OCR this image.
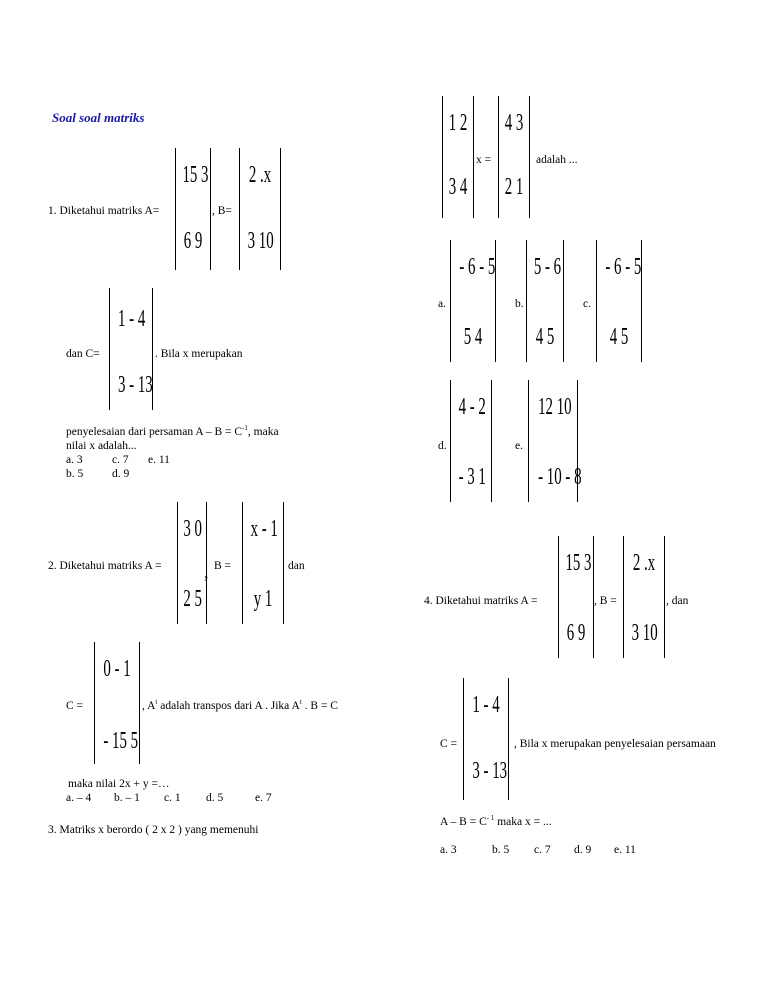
Soal soal matriks
1. Diketahui matriks A=
15 3
6 9
, B=
2 .x
3 10
dan C=
1 - 4
3 - 13
. Bila x merupakan
penyelesaian dari persaman $A - B = C^{-1}$, maka
nilai x adalah...
a. 3	c. 7 e. 11
b. 5	d. 9
2. Diketahui matriks A =
3 0
2 5
, B =
x - 1
y 1
dan
C =
0 - 1
- 15 5
, $A^t$ adalah transpos dari A . Jika $A^t$ . B = C
maka nilai 2x + y =…
a. – 4 b. – 1 c. 1 d. 5	e. 7
3. Matriks x berordo ( 2 x 2 ) yang memenuhi
1 2
3 4
x =
4 3
2 1
adalah ...
a.
- 6 - 5
5 4
b.
5 - 6
4 5
c.
- 6 - 5
4 5
d.
4 - 2
- 3 1
e.
12 10
- 10 - 8
4. Diketahui matriks A =
15 3
6 9
, B =
2 .x
3 10
, dan
C =
1 - 4
3 - 13
, Bila x merupakan penyelesaian persamaan
$A - B = C^{- 1}$ maka x = ...
a. 3	b. 5 c. 7 d. 9 e. 11
